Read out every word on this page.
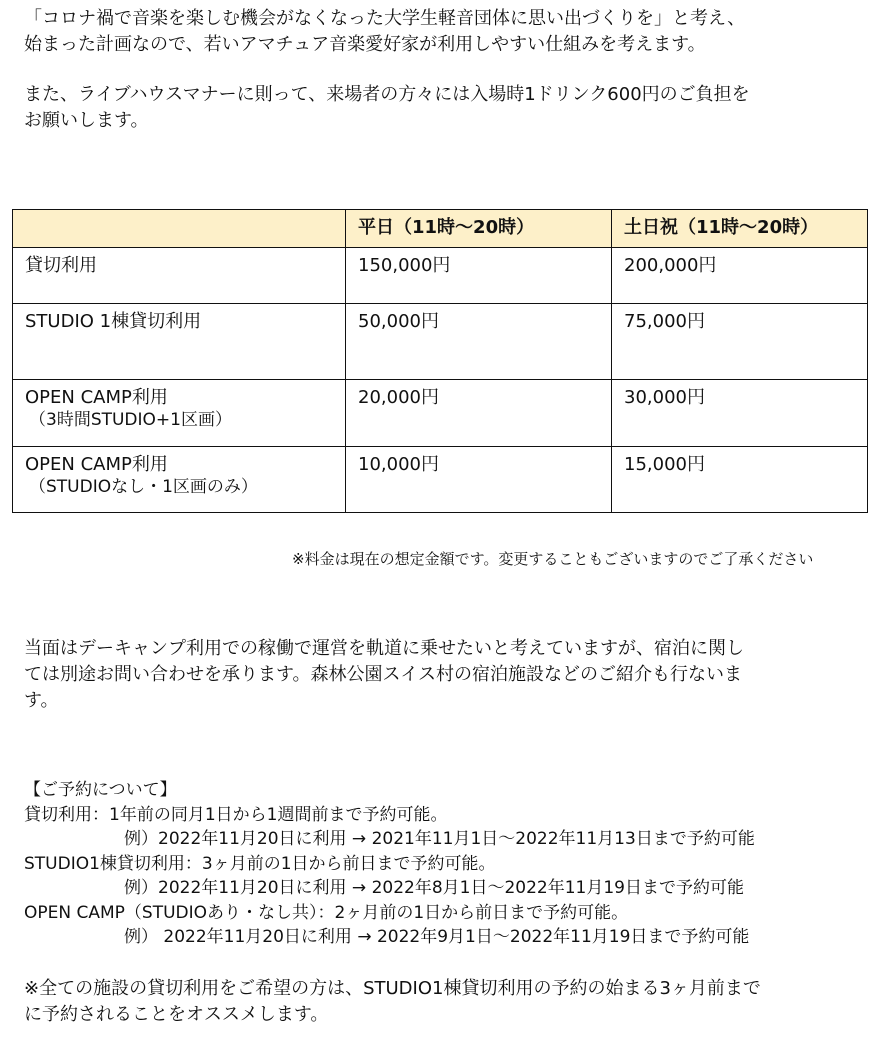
「コロナ禍で音楽を楽しむ機会がなくなった大学生軽音団体に思い出づくりを」と考え、
始まった計画なので、若いアマチュア音楽愛好家が利用しやすい仕組みを考えます。
また、ライブハウスマナーに則って、来場者の方々には入場時1ドリンク600円のご負担を
お願いします。
	平日（11時〜20時）	土日祝（11時〜20時）
貸切利用	150,000円	200,000円
STUDIO 1棟貸切利用	50,000円	75,000円
OPEN CAMP利用
（3時間STUDIO+1区画）	20,000円	30,000円
OPEN CAMP利用
（STUDIOなし・1区画のみ）	10,000円	15,000円
※料金は現在の想定金額です。変更することもございますのでご了承ください
当面はデーキャンプ利用での稼働で運営を軌道に乗せたいと考えていますが、宿泊に関し
ては別途お問い合わせを承ります。森林公園スイス村の宿泊施設などのご紹介も行ないま
す。
【ご予約について】
貸切利用：1年前の同月1日から1週間前まで予約可能。
例）2022年11月20日に利用 → 2021年11月1日〜2022年11月13日まで予約可能
STUDIO1棟貸切利用：3ヶ月前の1日から前日まで予約可能。
例）2022年11月20日に利用 → 2022年8月1日〜2022年11月19日まで予約可能
OPEN CAMP（STUDIOあり・なし共）：2ヶ月前の1日から前日まで予約可能。
例） 2022年11月20日に利用 → 2022年9月1日〜2022年11月19日まで予約可能
※全ての施設の貸切利用をご希望の方は、STUDIO1棟貸切利用の予約の始まる3ヶ月前まで
に予約されることをオススメします。
